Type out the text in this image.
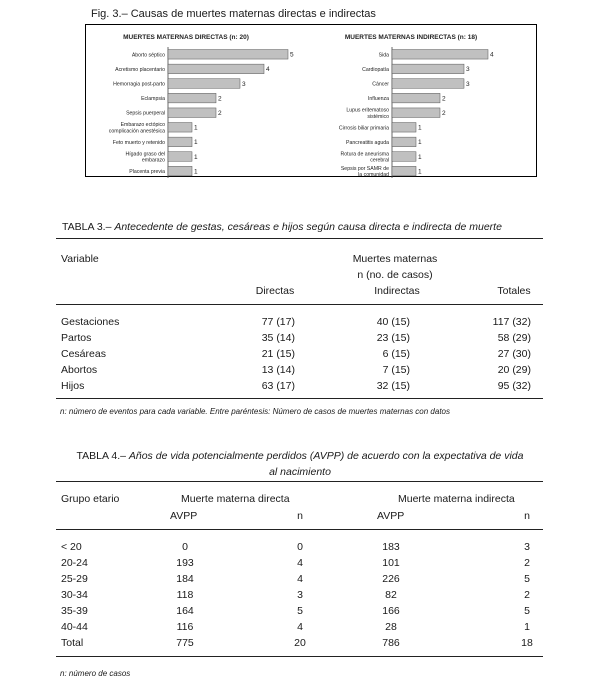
Fig. 3.– Causas de muertes maternas directas e indirectas
MUERTES MATERNAS DIRECTAS (n: 20)	MUERTES MATERNAS INDIRECTAS (n: 18)
5
Aborto séptico
4
Acretismo placentario
3
Hemorragia post-parto
2
Eclampsia
2
Sepsis puerperal
1
Embarazo ectópico
complicación anestésica
1
Feto muerto y retenido
1
Hígado graso del
embarazo
1
Placenta previa
4
Sida
3
Cardiopatía
3
Cáncer
2
Influenza
2
Lupus eritematoso
sistémico
1
Cirrosis biliar primaria
1
Pancreatitis aguda
1
Rotura de aneurisma
cerebral
1
Sepsis por SAMR de
la comunidad
TABLA 3.– Antecedente de gestas, cesáreas e hijos según causa directa e indirecta de muerte
Variable	Muertes maternas
n (no. de casos)
Directas	Indirectas	Totales
Gestaciones	77 (17)	40 (15)	117 (32)
Partos	35 (14)	23 (15)	58 (29)
Cesáreas	21 (15)	6 (15)	27 (30)
Abortos	13 (14)	7 (15)	20 (29)
Hijos	63 (17)	32 (15)	95 (32)
n: número de eventos para cada variable. Entre paréntesis: Número de casos de muertes maternas con datos
TABLA 4.– Años de vida potencialmente perdidos (AVPP) de acuerdo con la expectativa de vida
al nacimiento
Grupo etario	Muerte materna directa	Muerte materna indirecta
AVPP	n	AVPP	n
< 20	0	0	183	3
20-24	193	4	101	2
25-29	184	4	226	5
30-34	118	3	82	2
35-39	164	5	166	5
40-44	116	4	28	1
Total	775	20	786	18
n: número de casos
